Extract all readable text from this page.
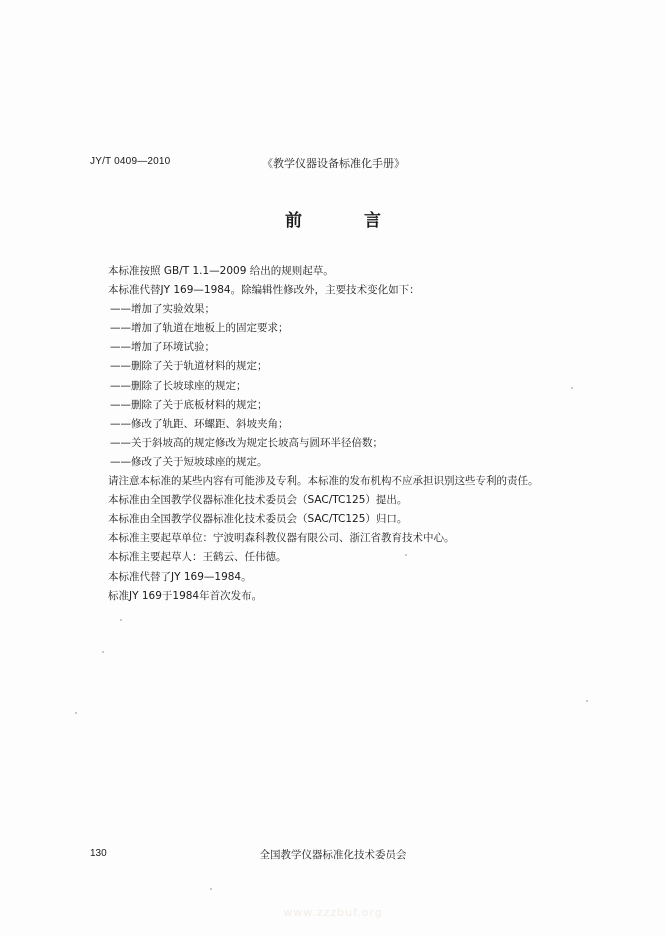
JY/T 0409—2010	《教学仪器设备标准化手册》
前 言
本标准按照 GB/T 1.1—2009 给出的规则起草。
本标准代替JY 169—1984。除编辑性修改外，主要技术变化如下：
——增加了实验效果；
——增加了轨道在地板上的固定要求；
——增加了环境试验；
——删除了关于轨道材料的规定；
——删除了长坡球座的规定；
——删除了关于底板材料的规定；
——修改了轨距、环螺距、斜坡夹角；
——关于斜坡高的规定修改为规定长坡高与圆环半径倍数；
——修改了关于短坡球座的规定。
请注意本标准的某些内容有可能涉及专利。本标准的发布机构不应承担识别这些专利的责任。
本标准由全国教学仪器标准化技术委员会（SAC/TC125）提出。
本标准由全国教学仪器标准化技术委员会（SAC/TC125）归口。
本标准主要起草单位：宁波明森科教仪器有限公司、浙江省教育技术中心。
本标准主要起草人：王鹤云、任伟德。
本标准代替了JY 169—1984。
标准JY 169于1984年首次发布。
130	全国教学仪器标准化技术委员会
www.zzzbuf.org
